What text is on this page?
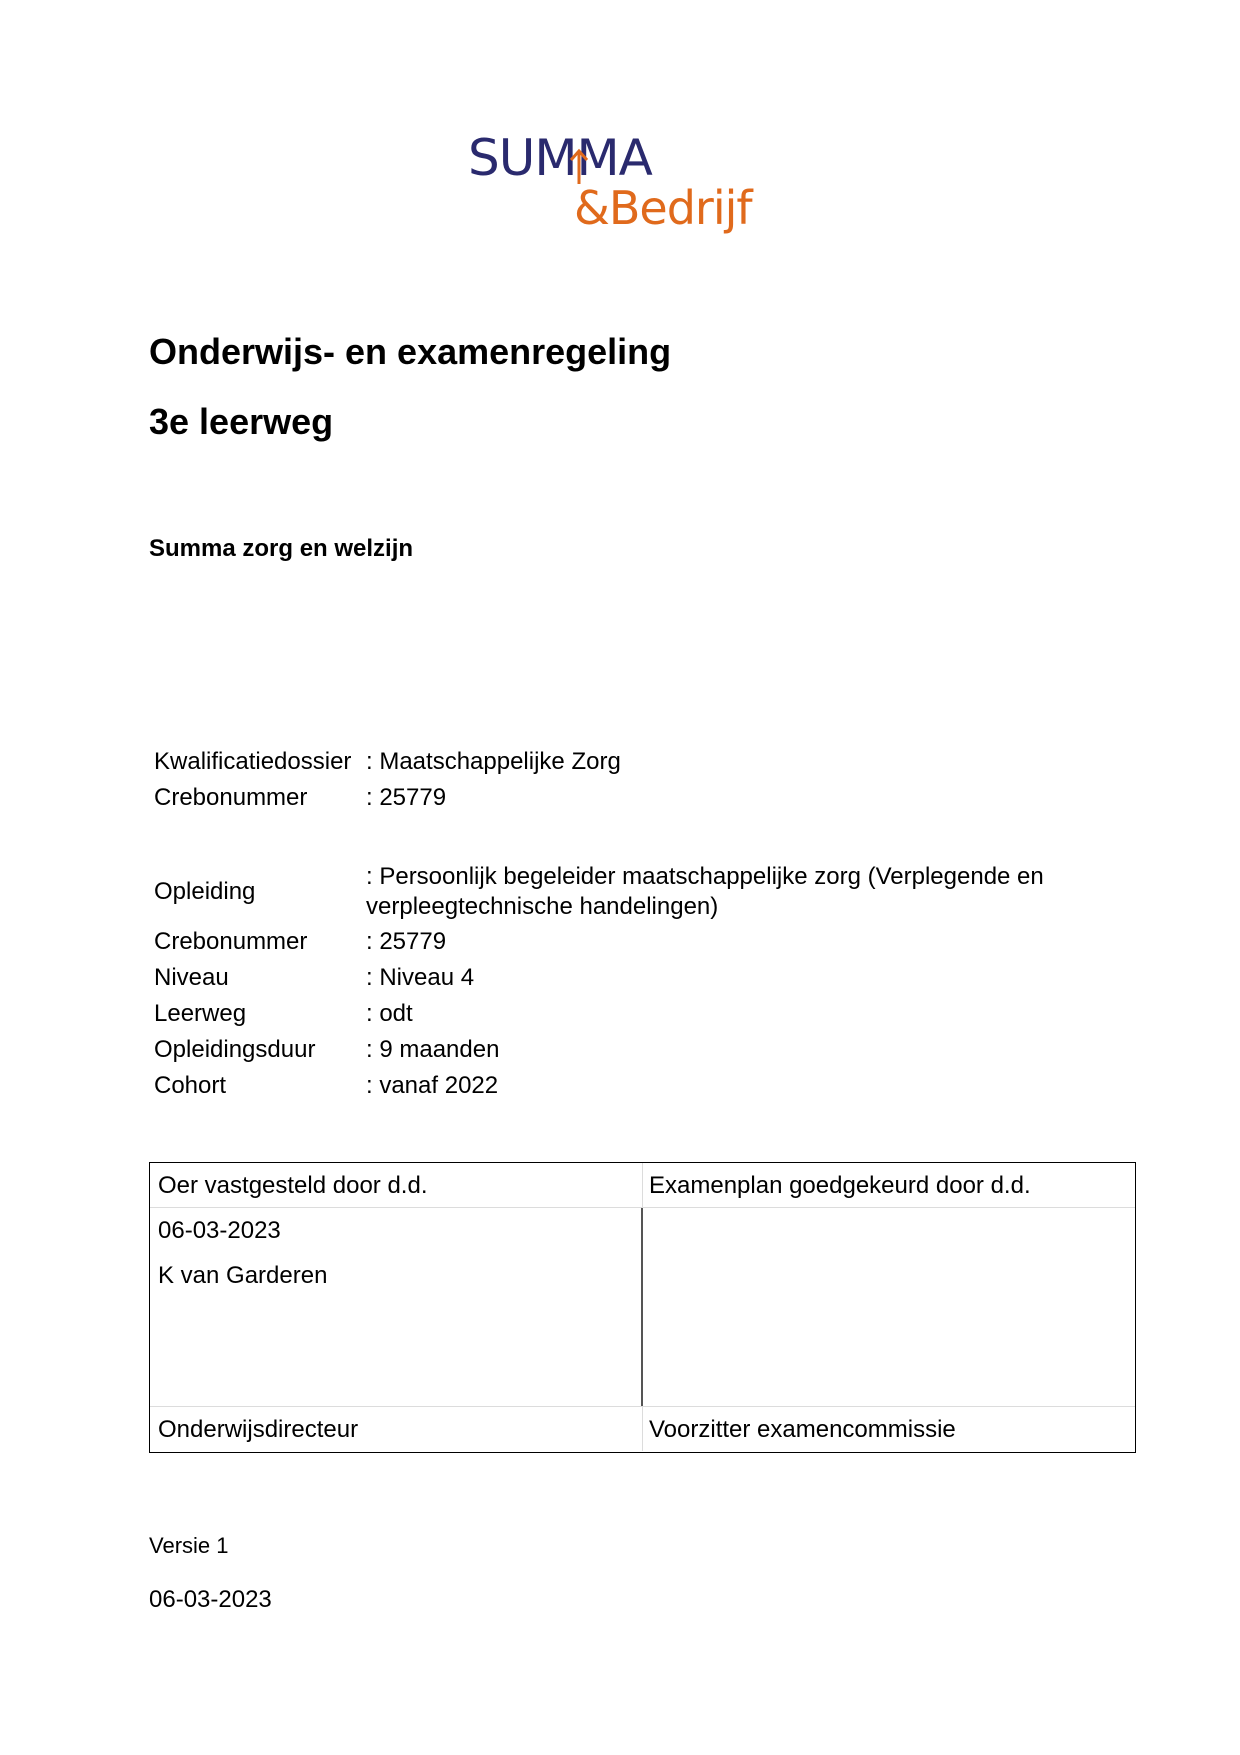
SUMMA
&Bedrijf
Onderwijs- en examenregeling
3e leerweg
Summa zorg en welzijn
Kwalificatiedossier : Maatschappelijke Zorg
Crebonummer	: 25779
Opleiding
: Persoonlijk begeleider maatschappelijke zorg (Verplegende en verpleegtechnische handelingen)
Crebonummer	: 25779
Niveau	: Niveau 4
Leerweg	: odt
Opleidingsduur	: 9 maanden
Cohort	: vanaf 2022
Oer vastgesteld door d.d.	Examenplan goedgekeurd door d.d.
06-03-2023
K van Garderen
Onderwijsdirecteur	Voorzitter examencommissie
Versie 1
06-03-2023
